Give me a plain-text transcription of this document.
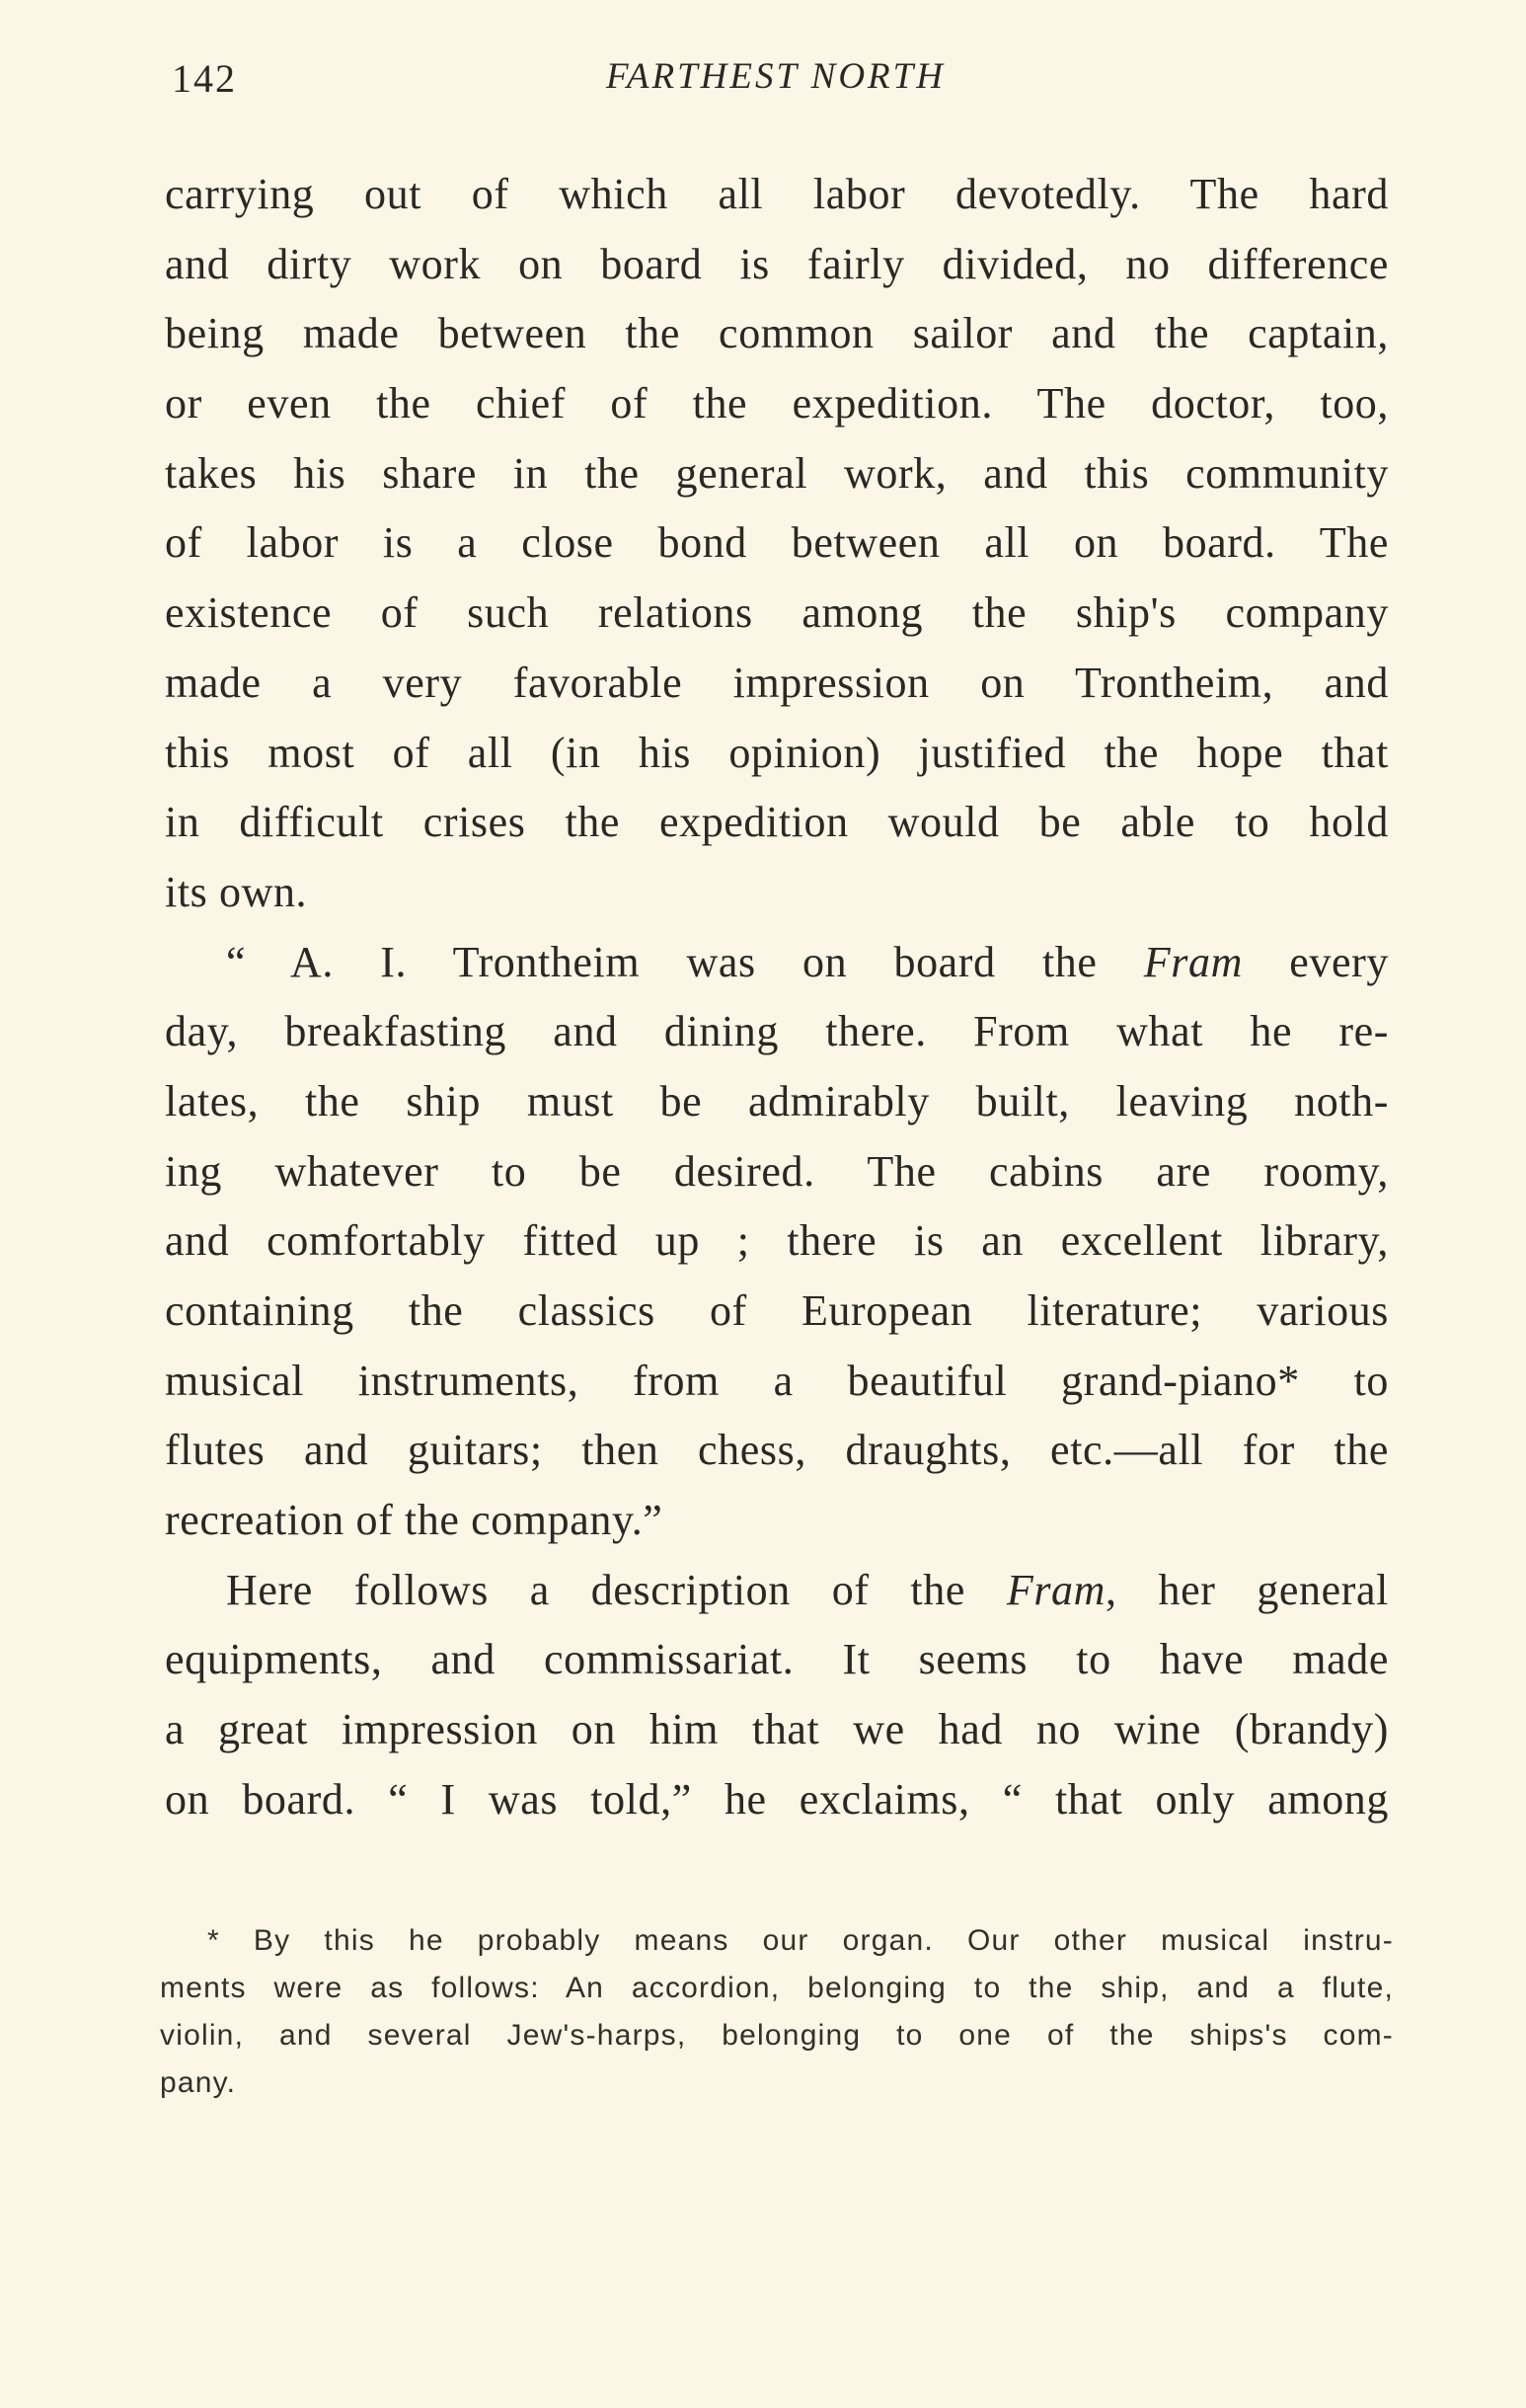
142	FARTHEST NORTH
carrying out of which all labor devotedly. The hard
and dirty work on board is fairly divided, no difference
being made between the common sailor and the captain,
or even the chief of the expedition. The doctor, too,
takes his share in the general work, and this community
of labor is a close bond between all on board. The
existence of such relations among the ship's company
made a very favorable impression on Trontheim, and
this most of all (in his opinion) justified the hope that
in difficult crises the expedition would be able to hold
its own.
“ A. I. Trontheim was on board the Fram every
day, breakfasting and dining there. From what he re-
lates, the ship must be admirably built, leaving noth-
ing whatever to be desired. The cabins are roomy,
and comfortably fitted up ; there is an excellent library,
containing the classics of European literature; various
musical instruments, from a beautiful grand-piano* to
flutes and guitars; then chess, draughts, etc.—all for the
recreation of the company.”
Here follows a description of the Fram, her general
equipments, and commissariat. It seems to have made
a great impression on him that we had no wine (brandy)
on board. “ I was told,” he exclaims, “ that only among
* By this he probably means our organ. Our other musical instru-
ments were as follows: An accordion, belonging to the ship, and a flute,
violin, and several Jew's-harps, belonging to one of the ships's com-
pany.
